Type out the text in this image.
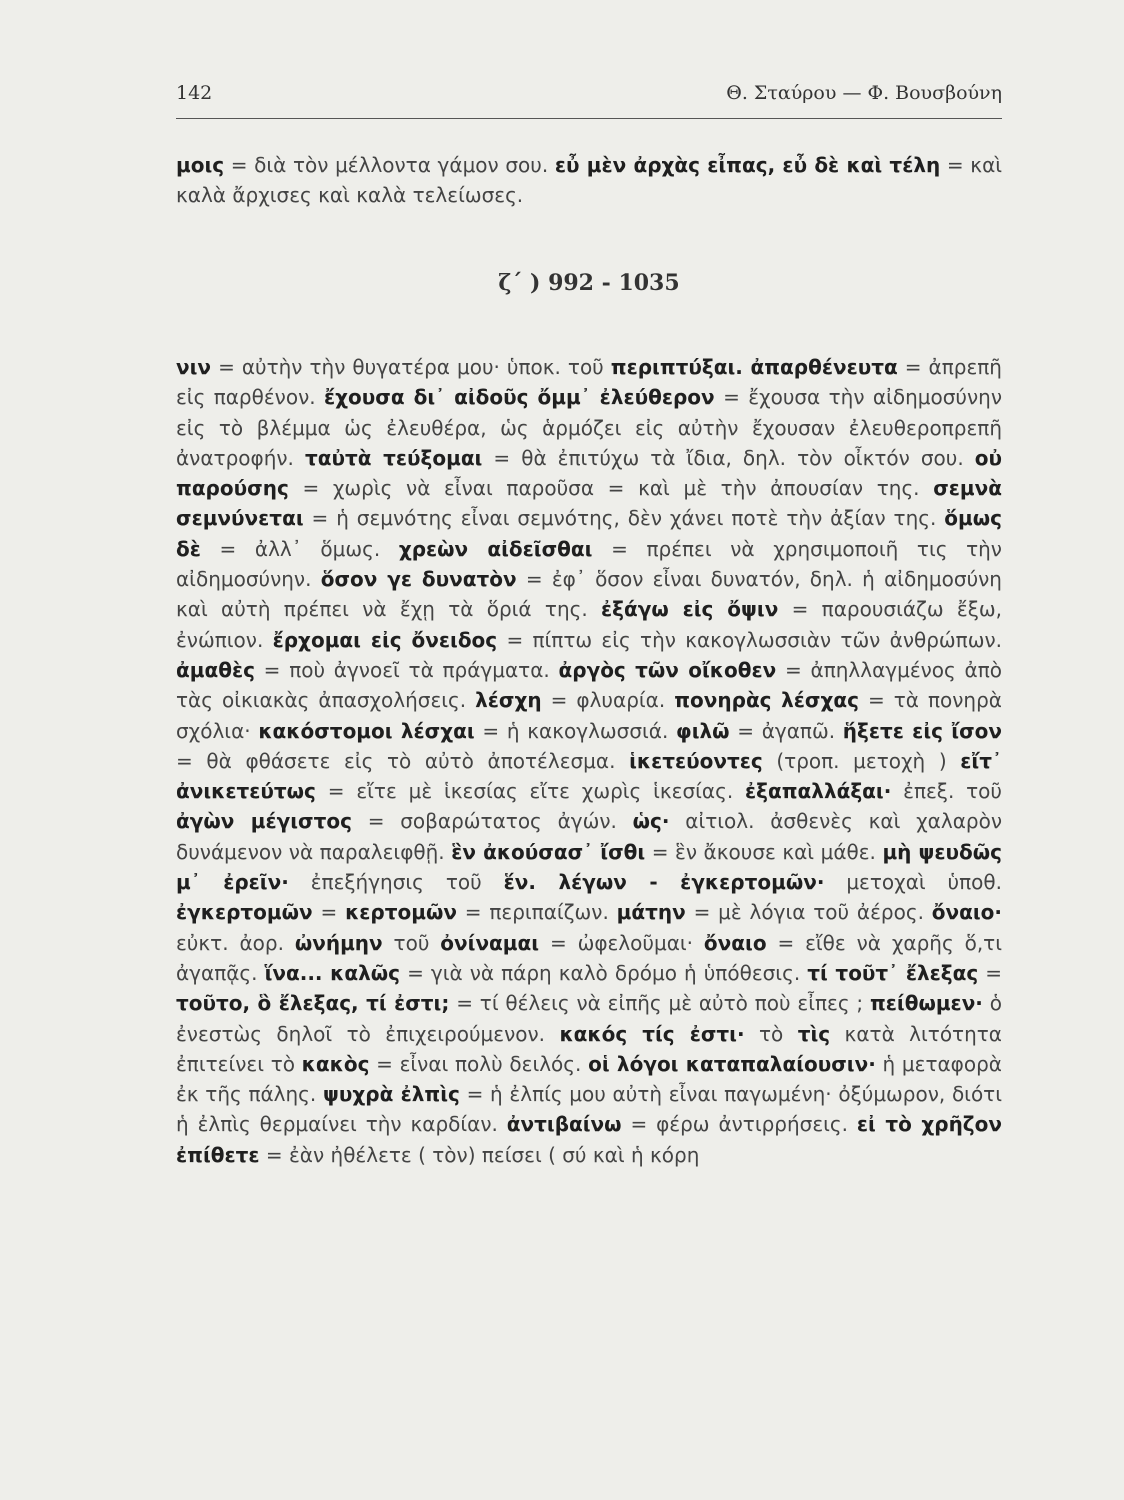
142	Θ. Σταύρου — Φ. Βουσβούνη
μοις = διὰ τὸν μέλλοντα γάμον σου. εὖ μὲν ἀρχὰς εἶπας, εὖ δὲ καὶ τέλη = καὶ καλὰ ἄρχισες καὶ καλὰ τελείωσες.
ζ΄ ) 992 - 1035
νιν = αὐτὴν τὴν θυγατέρα μου· ὑποκ. τοῦ περιπτύξαι. ἀπαρθένευτα = ἀπρεπῆ εἰς παρθένον. ἔχουσα δι᾽ αἰδοῦς ὄμμ᾽ ἐλεύθερον = ἔχουσα τὴν αἰδημοσύνην εἰς τὸ βλέμμα ὡς ἐλευθέρα, ὡς ἁρμόζει εἰς αὐτὴν ἔχουσαν ἐλευθεροπρεπῆ ἀνατροφήν. ταὐτὰ τεύξομαι = θὰ ἐπιτύχω τὰ ἴδια, δηλ. τὸν οἶκτόν σου. οὐ παρούσης = χωρὶς νὰ εἶναι παροῦσα = καὶ μὲ τὴν ἀπουσίαν της. σεμνὰ σεμνύνεται = ἡ σεμνότης εἶναι σεμνότης, δὲν χάνει ποτὲ τὴν ἀξίαν της. ὅμως δὲ = ἀλλ᾽ ὅμως. χρεὼν αἰδεῖσθαι = πρέπει νὰ χρησιμοποιῆ τις τὴν αἰδημοσύνην. ὅσον γε δυνατὸν = ἐφ᾽ ὅσον εἶναι δυνατόν, δηλ. ἡ αἰδημοσύνη καὶ αὐτὴ πρέπει νὰ ἔχῃ τὰ ὅριά της. ἐξάγω εἰς ὄψιν = παρουσιάζω ἔξω, ἐνώπιον. ἔρχομαι εἰς ὄνειδος = πίπτω εἰς τὴν κακογλωσσιὰν τῶν ἀνθρώπων. ἀμαθὲς = ποὺ ἀγνοεῖ τὰ πράγματα. ἀργὸς τῶν οἴκοθεν = ἀπηλλαγμένος ἀπὸ τὰς οἰκιακὰς ἀπασχολήσεις. λέσχη = φλυαρία. πονηρὰς λέσχας = τὰ πονηρὰ σχόλια· κακόστομοι λέσχαι = ἡ κακογλωσσιά. φιλῶ = ἀγαπῶ. ἥξετε εἰς ἴσον = θὰ φθάσετε εἰς τὸ αὐτὸ ἀποτέλεσμα. ἱκετεύοντες (τροπ. μετοχὴ ) εἴτ᾽ ἀνικετεύτως = εἴτε μὲ ἱκεσίας εἴτε χωρὶς ἱκεσίας. ἐξαπαλλάξαι· ἐπεξ. τοῦ ἀγὼν μέγιστος = σοβαρώτατος ἀγών. ὡς· αἰτιολ. ἀσθενὲς καὶ χαλαρὸν δυνάμενον νὰ παραλειφθῇ. ἓν ἀκούσασ᾽ ἴσθι = ἓν ἄκουσε καὶ μάθε. μὴ ψευδῶς μ᾽ ἐρεῖν· ἐπεξήγησις τοῦ ἕν. λέγων - ἐγκερτομῶν· μετοχαὶ ὑποθ. ἐγκερτομῶν = κερτομῶν = περιπαίζων. μάτην = μὲ λόγια τοῦ ἀέρος. ὄναιο· εὐκτ. ἀορ. ὠνήμην τοῦ ὀνίναμαι = ὠφελοῦμαι· ὄναιο = εἴθε νὰ χαρῆς ὅ,τι ἀγαπᾷς. ἵνα... καλῶς = γιὰ νὰ πάρη καλὸ δρόμο ἡ ὑπόθεσις. τί τοῦτ᾽ ἔλεξας = τοῦτο, ὃ ἔλεξας, τί ἐστι; = τί θέλεις νὰ εἰπῆς μὲ αὐτὸ ποὺ εἶπες ; πείθωμεν· ὁ ἐνεστὼς δηλοῖ τὸ ἐπιχειρούμενον. κακός τίς ἐστι· τὸ τὶς κατὰ λιτότητα ἐπιτείνει τὸ κακὸς = εἶναι πολὺ δειλός. οἱ λόγοι καταπαλαίουσιν· ἡ μεταφορὰ ἐκ τῆς πάλης. ψυχρὰ ἐλπὶς = ἡ ἐλπίς μου αὐτὴ εἶναι παγωμένη· ὀξύμωρον, διότι ἡ ἐλπὶς θερμαίνει τὴν καρδίαν. ἀντιβαίνω = φέρω ἀντιρρήσεις. εἰ τὸ χρῆζον ἐπίθετε = ἐὰν ἠθέλετε ( τὸν) πείσει ( σύ καὶ ἡ κόρη
